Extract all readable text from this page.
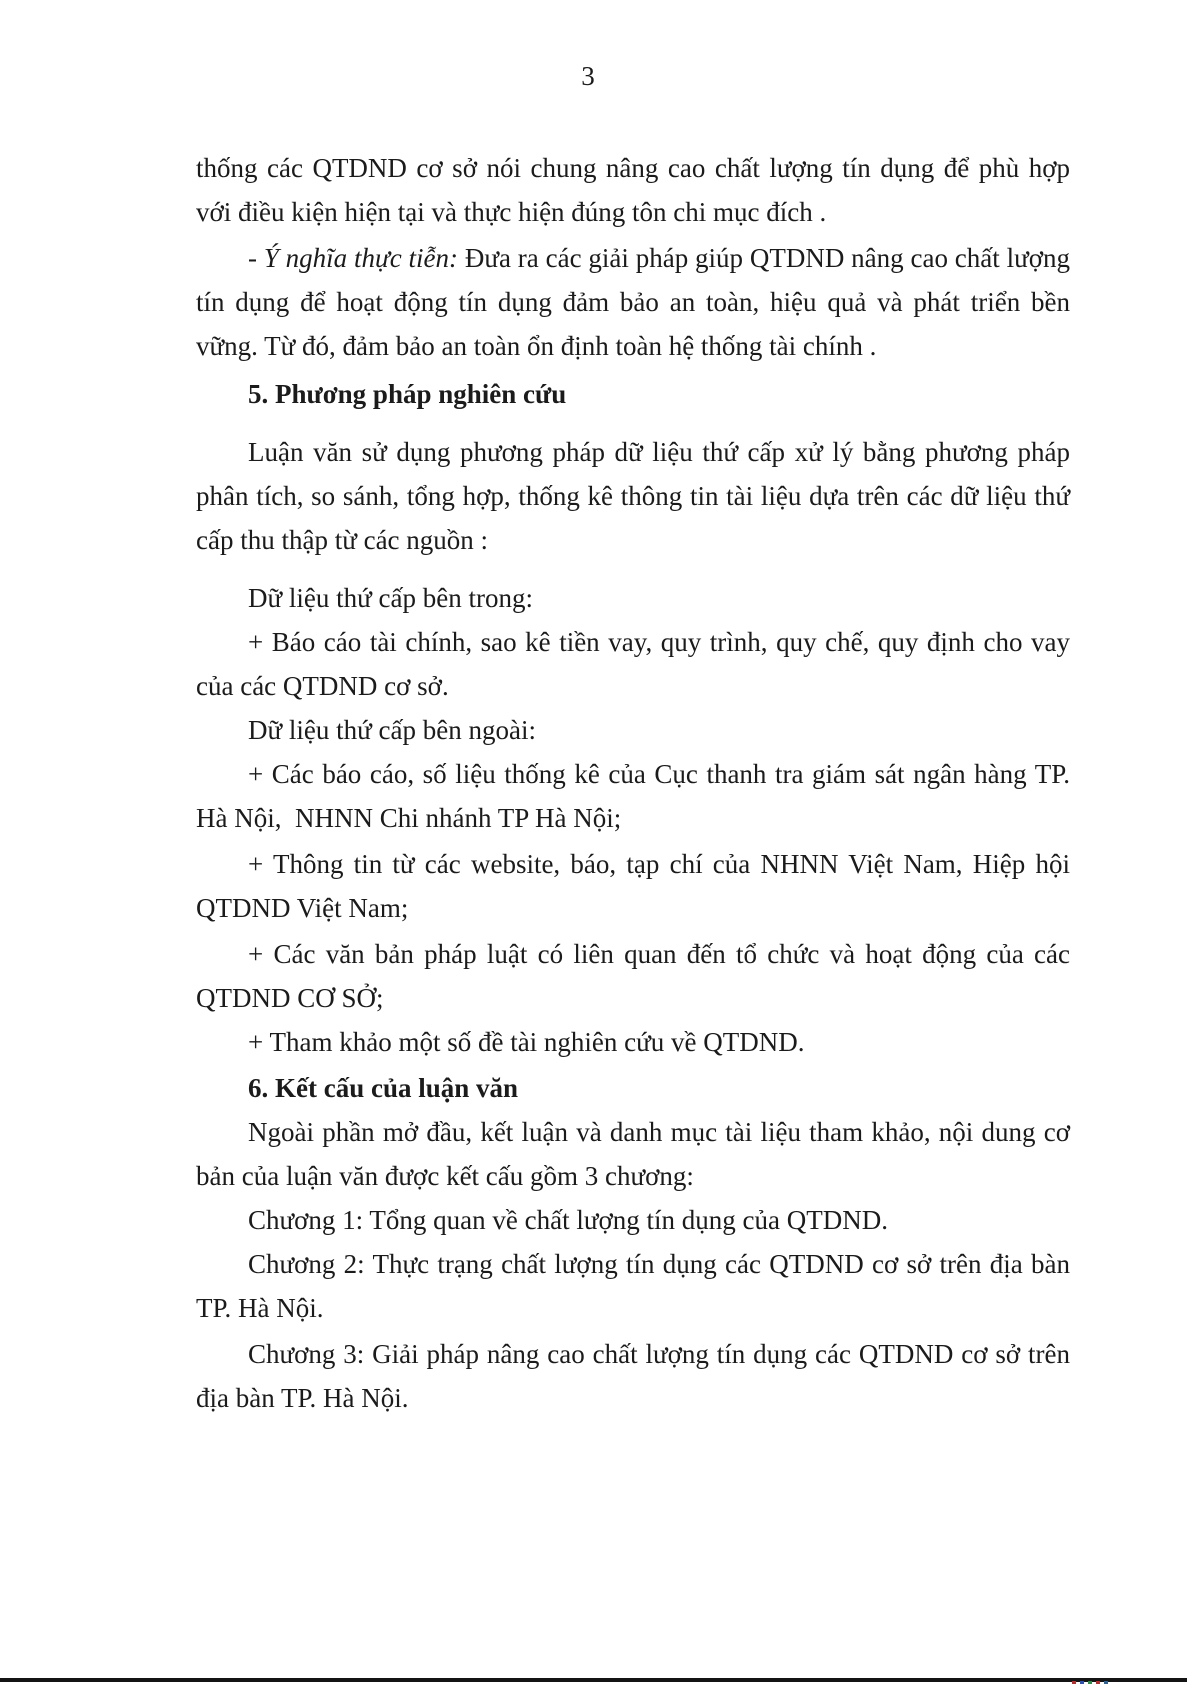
3

thống các QTDND cơ sở nói chung nâng cao chất lượng tín dụng để phù hợp với điều kiện hiện tại và thực hiện đúng tôn chi mục đích .

- Ý nghĩa thực tiễn: Đưa ra các giải pháp giúp QTDND nâng cao chất lượng tín dụng để hoạt động tín dụng đảm bảo an toàn, hiệu quả và phát triển bền vững. Từ đó, đảm bảo an toàn ổn định toàn hệ thống tài chính .

5. Phương pháp nghiên cứu

Luận văn sử dụng phương pháp dữ liệu thứ cấp xử lý bằng phương pháp phân tích, so sánh, tổng hợp, thống kê thông tin tài liệu dựa trên các dữ liệu thứ cấp thu thập từ các nguồn :

Dữ liệu thứ cấp bên trong:

+ Báo cáo tài chính, sao kê tiền vay, quy trình, quy chế, quy định cho vay của các QTDND cơ sở.

Dữ liệu thứ cấp bên ngoài:

+ Các báo cáo, số liệu thống kê của Cục thanh tra giám sát ngân hàng TP. Hà Nội,  NHNN Chi nhánh TP Hà Nội;

+ Thông tin từ các website, báo, tạp chí của NHNN Việt Nam, Hiệp hội QTDND Việt Nam;

+ Các văn bản pháp luật có liên quan đến tổ chức và hoạt động của các QTDND CƠ SỞ;

+ Tham khảo một số đề tài nghiên cứu về QTDND.

6. Kết cấu của luận văn

Ngoài phần mở đầu, kết luận và danh mục tài liệu tham khảo, nội dung cơ bản của luận văn được kết cấu gồm 3 chương:

Chương 1: Tổng quan về chất lượng tín dụng của QTDND.

Chương 2: Thực trạng chất lượng tín dụng các QTDND cơ sở trên địa bàn TP. Hà Nội.

Chương 3: Giải pháp nâng cao chất lượng tín dụng các QTDND cơ sở trên địa bàn TP. Hà Nội.
